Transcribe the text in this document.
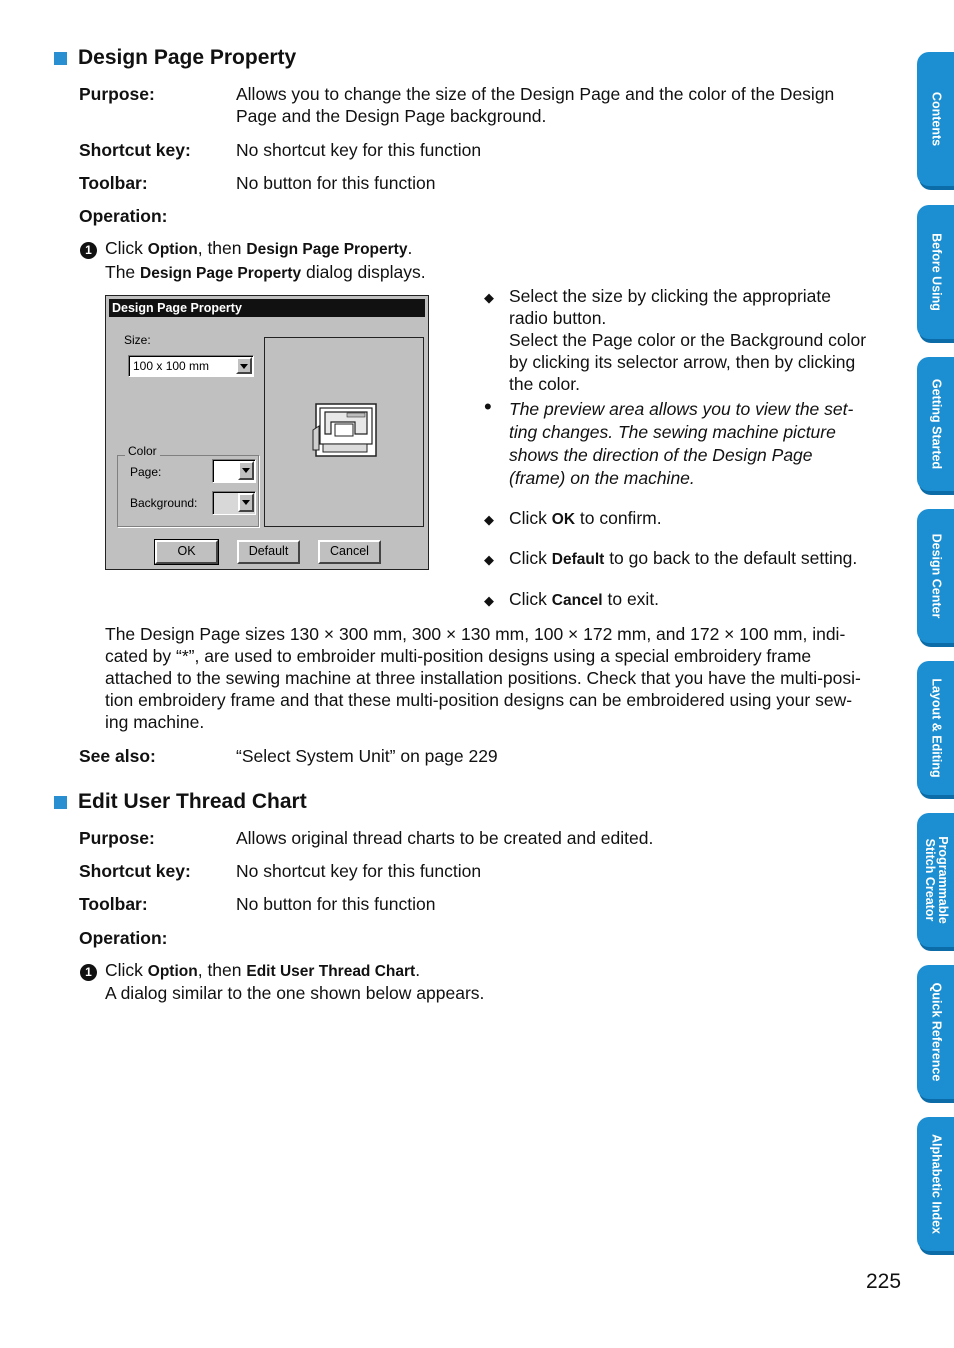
Design Page Property
Purpose:	Allows you to change the size of the Design Page and the color of the Design
Page and the Design Page background.
Shortcut key:	No shortcut key for this function
Toolbar:	No button for this function
Operation:
1 Click Option, then Design Page Property.
The Design Page Property dialog displays.
Design Page Property
Size:
100 x 100 mm
Color
Page:
Background:
OK	Default	Cancel
◆ Select the size by clicking the appropriate
radio button.
Select the Page color or the Background color
by clicking its selector arrow, then by clicking
the color.
• The preview area allows you to view the set-
ting changes. The sewing machine picture
shows the direction of the Design Page
(frame) on the machine.
◆ Click OK to confirm.
◆ Click Default to go back to the default setting.
◆ Click Cancel to exit.
The Design Page sizes 130 × 300 mm, 300 × 130 mm, 100 × 172 mm, and 172 × 100 mm, indi-
cated by “*”, are used to embroider multi-position designs using a special embroidery frame
attached to the sewing machine at three installation positions. Check that you have the multi-posi-
tion embroidery frame and that these multi-position designs can be embroidered using your sew-
ing machine.
See also:	“Select System Unit” on page 229
Edit User Thread Chart
Purpose:	Allows original thread charts to be created and edited.
Shortcut key:	No shortcut key for this function
Toolbar:	No button for this function
Operation:
1 Click Option, then Edit User Thread Chart.
A dialog similar to the one shown below appears.
Contents
Before Using
Getting Started
Design Center
Layout & Editing
Programmable
Stitch Creator
Quick Reference
Alphabetic Index
225
